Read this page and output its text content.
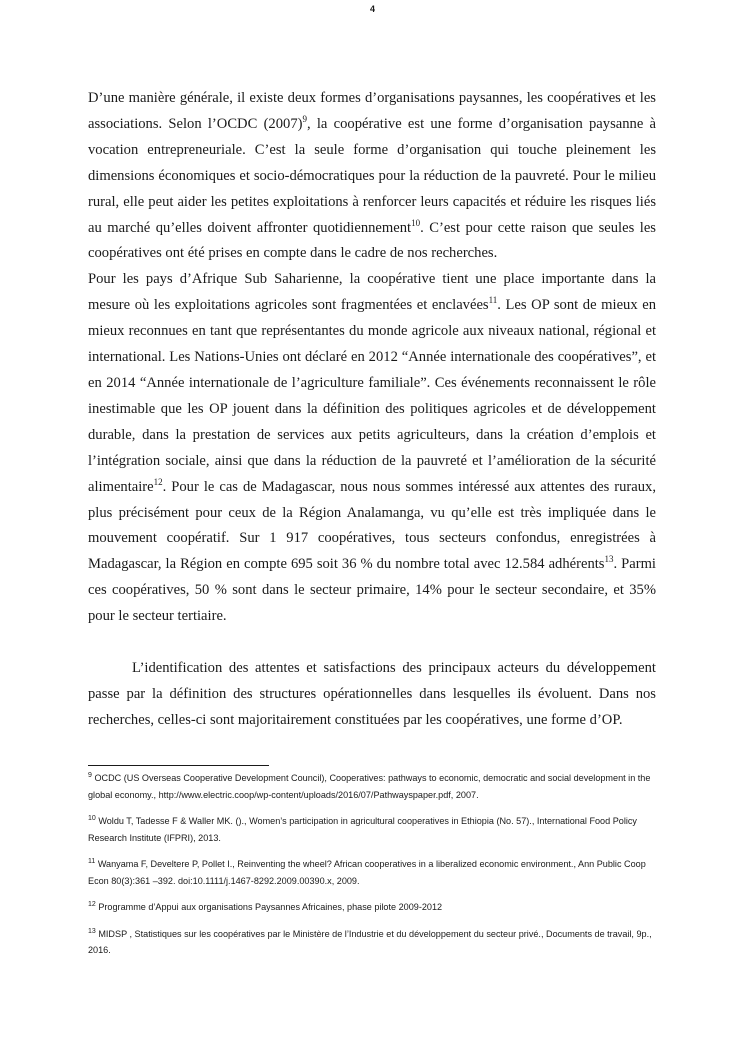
4

D’une manière générale, il existe deux formes d’organisations paysannes, les coopératives et les associations. Selon l’OCDC $(2007)^9$, la coopérative est une forme d’organisation paysanne à vocation entrepreneuriale. C’est la seule forme d’organisation qui touche pleinement les dimensions économiques et socio-démocratiques pour la réduction de la pauvreté. Pour le milieu rural, elle peut aider les petites exploitations à renforcer leurs capacités et réduire les risques liés au marché qu’elles doivent affronter quotidiennement$^{10}$. C’est pour cette raison que seules les coopératives ont été prises en compte dans le cadre de nos recherches.

Pour les pays d’Afrique Sub Saharienne, la coopérative tient une place importante dans la mesure où les exploitations agricoles sont fragmentées et enclavées$^{11}$. Les OP sont de mieux en mieux reconnues en tant que représentantes du monde agricole aux niveaux national, régional et international. Les Nations-Unies ont déclaré en 2012 “Année internationale des coopératives”, et en 2014 “Année internationale de l’agriculture familiale”. Ces événements reconnaissent le rôle inestimable que les OP jouent dans la définition des politiques agricoles et de développement durable, dans la prestation de services aux petits agriculteurs, dans la création d’emplois et l’intégration sociale, ainsi que dans la réduction de la pauvreté et l’amélioration de la sécurité alimentaire$^{12}$. Pour le cas de Madagascar, nous nous sommes intéressé aux attentes des ruraux, plus précisément pour ceux de la Région Analamanga, vu qu’elle est très impliquée dans le mouvement coopératif. Sur 1 917 coopératives, tous secteurs confondus, enregistrées à Madagascar, la Région en compte 695 soit 36 % du nombre total avec 12.584 adhérents$^{13}$. Parmi ces coopératives, 50 % sont dans le secteur primaire, 14% pour le secteur secondaire, et 35% pour le secteur tertiaire.

L’identification des attentes et satisfactions des principaux acteurs du développement passe par la définition des structures opérationnelles dans lesquelles ils évoluent. Dans nos recherches, celles-ci sont majoritairement constituées par les coopératives, une forme d’OP.

$^9$ OCDC (US Overseas Cooperative Development Council), Cooperatives: pathways to economic, democratic and social development in the global economy., http://www.electric.coop/wp-content/uploads/2016/07/Pathwayspaper.pdf, 2007.

$^{10}$ Woldu T, Tadesse F & Waller MK. ()., Women’s participation in agricultural cooperatives in Ethiopia (No. 57)., International Food Policy Research Institute (IFPRI), 2013.

$^{11}$ Wanyama F, Develtere P, Pollet I., Reinventing the wheel? African cooperatives in a liberalized economic environment., Ann Public Coop Econ 80(3):361 –392. doi:10.1111/j.1467-8292.2009.00390.x, 2009.

$^{12}$ Programme d’Appui aux organisations Paysannes Africaines, phase pilote 2009-2012

$^{13}$ MIDSP , Statistiques sur les coopératives par le Ministère de l’Industrie et du développement du secteur privé., Documents de travail, 9p., 2016.
